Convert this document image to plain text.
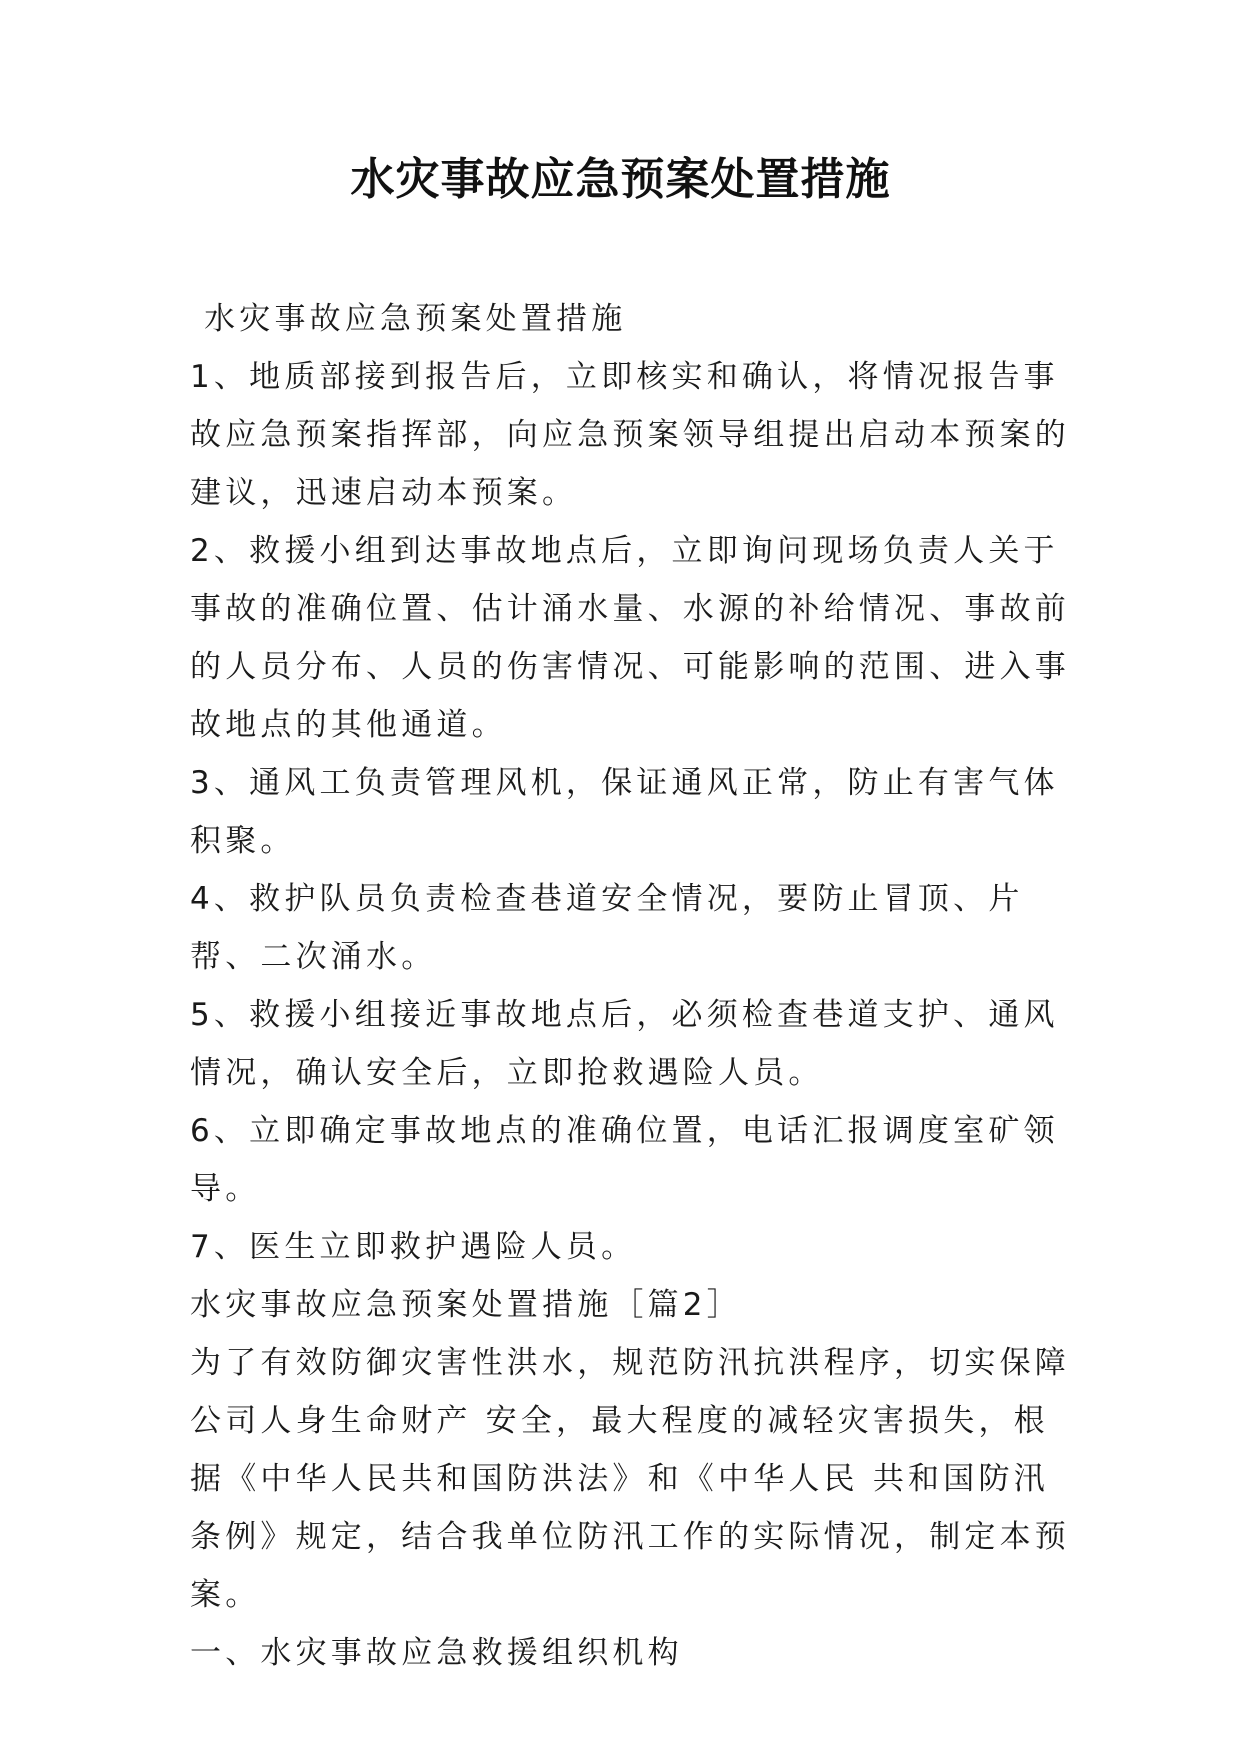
水灾事故应急预案处置措施

水灾事故应急预案处置措施

1、地质部接到报告后，立即核实和确认，将情况报告事故应急预案指挥部，向应急预案领导组提出启动本预案的建议，迅速启动本预案。

2、救援小组到达事故地点后，立即询问现场负责人关于事故的准确位置、估计涌水量、水源的补给情况、事故前的人员分布、人员的伤害情况、可能影响的范围、进入事故地点的其他通道。

3、通风工负责管理风机，保证通风正常，防止有害气体积聚。

4、救护队员负责检查巷道安全情况，要防止冒顶、片帮、二次涌水。

5、救援小组接近事故地点后，必须检查巷道支护、通风情况，确认安全后，立即抢救遇险人员。

6、立即确定事故地点的准确位置，电话汇报调度室矿领导。

7、医生立即救护遇险人员。

水灾事故应急预案处置措施［篇2］

为了有效防御灾害性洪水，规范防汛抗洪程序，切实保障公司人身生命财产 安全，最大程度的减轻灾害损失，根据《中华人民共和国防洪法》和《中华人民 共和国防汛条例》规定，结合我单位防汛工作的实际情况，制定本预案。

一、水灾事故应急救援组织机构
